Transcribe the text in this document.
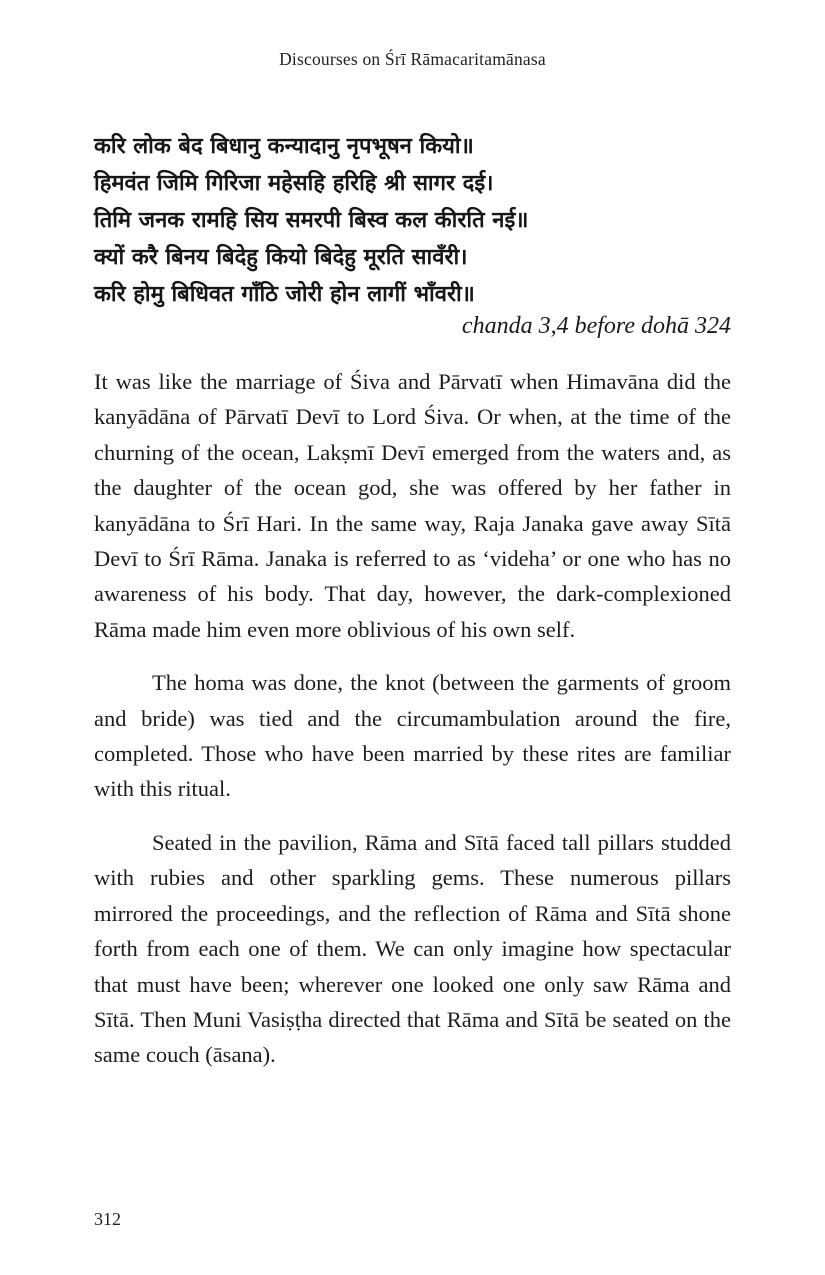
Discourses on Śrī Rāmacaritamānasa
करि लोक बेद बिधानु कन्यादानु नृपभूषन कियो॥
हिमवंत जिमि गिरिजा महेसहि हरिहि श्री सागर दई।
तिमि जनक रामहि सिय समरपी बिस्व कल कीरति नई॥
क्यों करै बिनय बिदेहु कियो बिदेहु मूरति सावँरी।
करि होमु बिधिवत गाँठि जोरी होन लागीं भाँवरी॥
chanda 3,4 before dohā 324

It was like the marriage of Śiva and Pārvatī when Himavāna did the kanyādāna of Pārvatī Devī to Lord Śiva. Or when, at the time of the churning of the ocean, Lakṣmī Devī emerged from the waters and, as the daughter of the ocean god, she was offered by her father in kanyādāna to Śrī Hari. In the same way, Raja Janaka gave away Sītā Devī to Śrī Rāma. Janaka is referred to as ‘videha’ or one who has no awareness of his body. That day, however, the dark-complexioned Rāma made him even more oblivious of his own self.

The homa was done, the knot (between the garments of groom and bride) was tied and the circumambulation around the fire, completed. Those who have been married by these rites are familiar with this ritual.

Seated in the pavilion, Rāma and Sītā faced tall pillars studded with rubies and other sparkling gems. These numerous pillars mirrored the proceedings, and the reflection of Rāma and Sītā shone forth from each one of them. We can only imagine how spectacular that must have been; wherever one looked one only saw Rāma and Sītā. Then Muni Vasiṣṭha directed that Rāma and Sītā be seated on the same couch (āsana).

312
